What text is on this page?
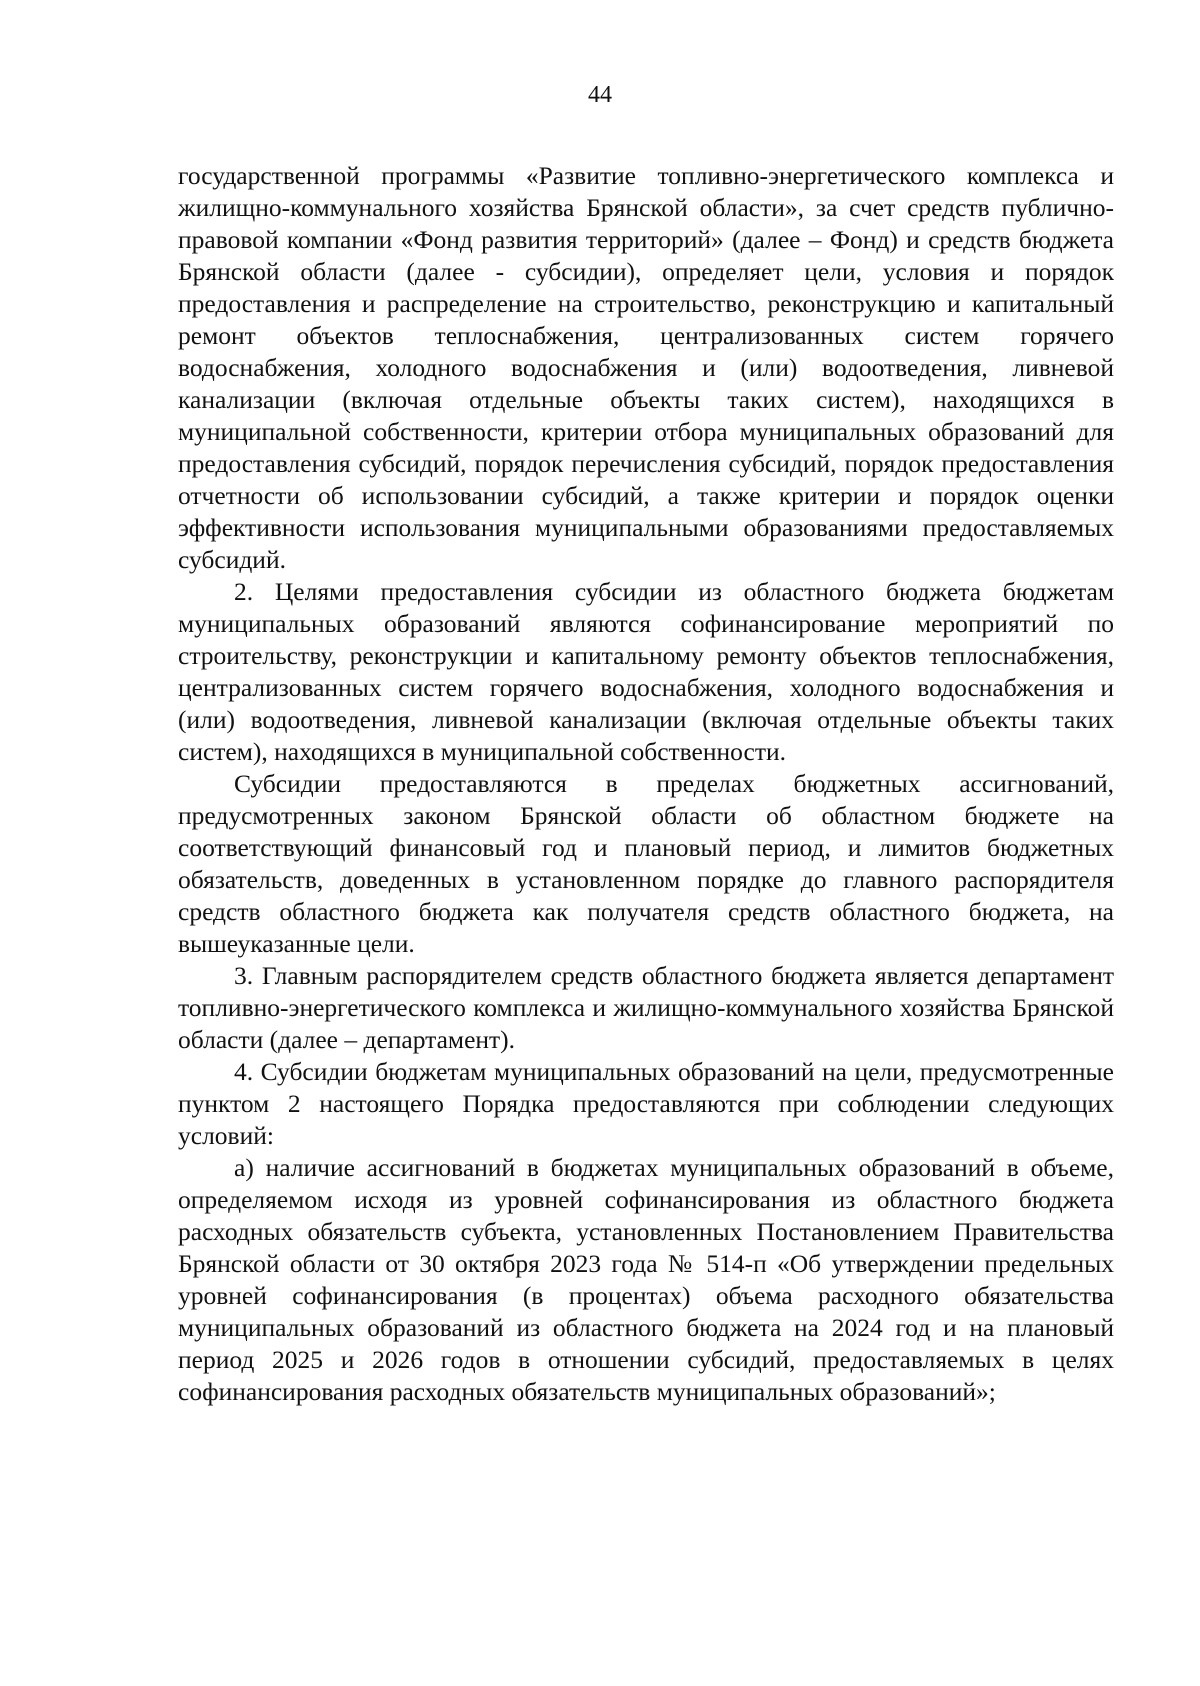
44

государственной программы «Развитие топливно-энергетического комплекса и жилищно-коммунального хозяйства Брянской области», за счет средств публично-правовой компании «Фонд развития территорий» (далее – Фонд) и средств бюджета Брянской области (далее - субсидии), определяет цели, условия и порядок предоставления и распределение на строительство, реконструкцию и капитальный ремонт объектов теплоснабжения, централизованных систем горячего водоснабжения, холодного водоснабжения и (или) водоотведения, ливневой канализации (включая отдельные объекты таких систем), находящихся в муниципальной собственности, критерии отбора муниципальных образований для предоставления субсидий, порядок перечисления субсидий, порядок предоставления отчетности об использовании субсидий, а также критерии и порядок оценки эффективности использования муниципальными образованиями предоставляемых субсидий.

2. Целями предоставления субсидии из областного бюджета бюджетам муниципальных образований являются софинансирование мероприятий по строительству, реконструкции и капитальному ремонту объектов теплоснабжения, централизованных систем горячего водоснабжения, холодного водоснабжения и (или) водоотведения, ливневой канализации (включая отдельные объекты таких систем), находящихся в муниципальной собственности.

Субсидии предоставляются в пределах бюджетных ассигнований, предусмотренных законом Брянской области об областном бюджете на соответствующий финансовый год и плановый период, и лимитов бюджетных обязательств, доведенных в установленном порядке до главного распорядителя средств областного бюджета как получателя средств областного бюджета, на вышеуказанные цели.

3. Главным распорядителем средств областного бюджета является департамент топливно-энергетического комплекса и жилищно-коммунального хозяйства Брянской области (далее – департамент).

4. Субсидии бюджетам муниципальных образований на цели, предусмотренные пунктом 2 настоящего Порядка предоставляются при соблюдении следующих условий:

а) наличие ассигнований в бюджетах муниципальных образований в объеме, определяемом исходя из уровней софинансирования из областного бюджета расходных обязательств субъекта, установленных Постановлением Правительства Брянской области от 30 октября 2023 года № 514-п «Об утверждении предельных уровней софинансирования (в процентах) объема расходного обязательства муниципальных образований из областного бюджета на 2024 год и на плановый период 2025 и 2026 годов в отношении субсидий, предоставляемых в целях софинансирования расходных обязательств муниципальных образований»;
